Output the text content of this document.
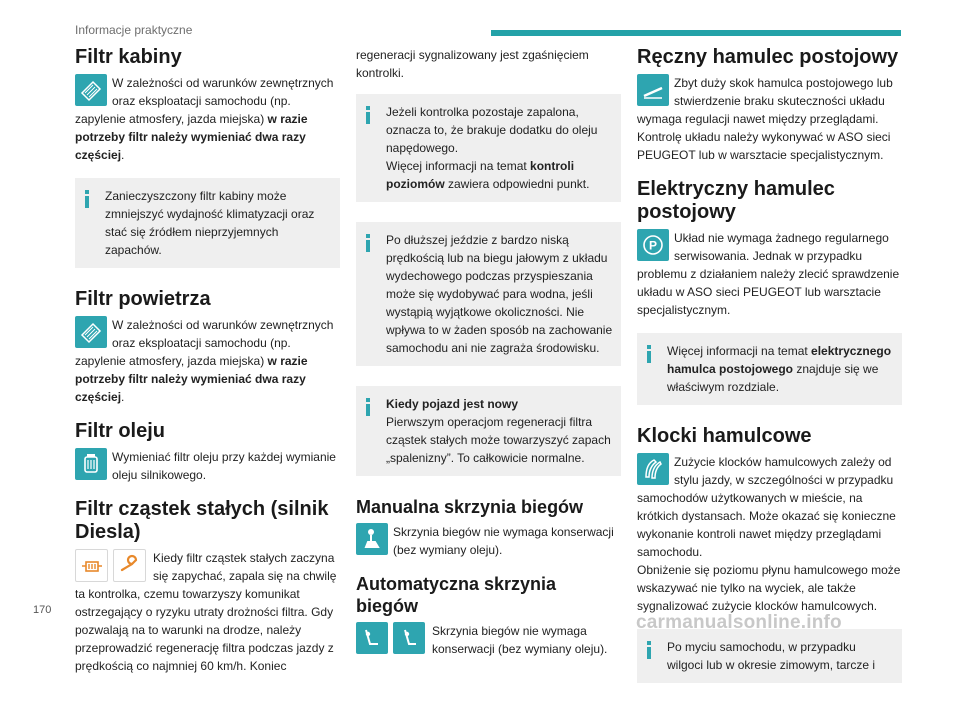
Informacje praktyczne
Filtr kabiny
W zależności od warunków zewnętrznych oraz eksploatacji samochodu (np. zapylenie atmosfery, jazda miejska) w razie potrzeby filtr należy wymieniać dwa razy częściej.
Zanieczyszczony filtr kabiny może zmniejszyć wydajność klimatyzacji oraz stać się źródłem nieprzyjemnych zapachów.
Filtr powietrza
W zależności od warunków zewnętrznych oraz eksploatacji samochodu (np. zapylenie atmosfery, jazda miejska) w razie potrzeby filtr należy wymieniać dwa razy częściej.
Filtr oleju
Wymieniać filtr oleju przy każdej wymianie oleju silnikowego.
Filtr cząstek stałych (silnik Diesla)
Kiedy filtr cząstek stałych zaczyna się zapychać, zapala się na chwilę ta kontrolka, czemu towarzyszy komunikat ostrzegający o ryzyku utraty drożności filtra. Gdy pozwalają na to warunki na drodze, należy przeprowadzić regenerację filtra podczas jazdy z prędkością co najmniej 60 km/h. Koniec

regeneracji sygnalizowany jest zgaśnięciem kontrolki.

Jeżeli kontrolka pozostaje zapalona, oznacza to, że brakuje dodatku do oleju napędowego.
Więcej informacji na temat kontroli poziomów zawiera odpowiedni punkt.
Po dłuższej jeździe z bardzo niską prędkością lub na biegu jałowym z układu wydechowego podczas przyspieszania może się wydobywać para wodna, jeśli wystąpią wyjątkowe okoliczności. Nie wpływa to w żaden sposób na zachowanie samochodu ani nie zagraża środowisku.
Kiedy pojazd jest nowy
Pierwszym operacjom regeneracji filtra cząstek stałych może towarzyszyć zapach „spalenizny”. To całkowicie normalne.
Manualna skrzynia biegów
Skrzynia biegów nie wymaga konserwacji (bez wymiany oleju).
Automatyczna skrzynia biegów
Skrzynia biegów nie wymaga konserwacji (bez wymiany oleju).
Ręczny hamulec postojowy
Zbyt duży skok hamulca postojowego lub stwierdzenie braku skuteczności układu wymaga regulacji nawet między przeglądami. Kontrolę układu należy wykonywać w ASO sieci PEUGEOT lub w warsztacie specjalistycznym.
Elektryczny hamulec postojowy
P
Układ nie wymaga żadnego regularnego serwisowania. Jednak w przypadku problemu z działaniem należy zlecić sprawdzenie układu w ASO sieci PEUGEOT lub warsztacie specjalistycznym.
Więcej informacji na temat elektrycznego hamulca postojowego znajduje się we właściwym rozdziale.
Klocki hamulcowe
Zużycie klocków hamulcowych zależy od stylu jazdy, w szczególności w przypadku samochodów użytkowanych w mieście, na krótkich dystansach. Może okazać się konieczne wykonanie kontroli nawet między przeglądami samochodu.
Obniżenie się poziomu płynu hamulcowego może wskazywać nie tylko na wyciek, ale także sygnalizować zużycie klocków hamulcowych.
Po myciu samochodu, w przypadku wilgoci lub w okresie zimowym, tarcze i
170
carmanualsonline.info
